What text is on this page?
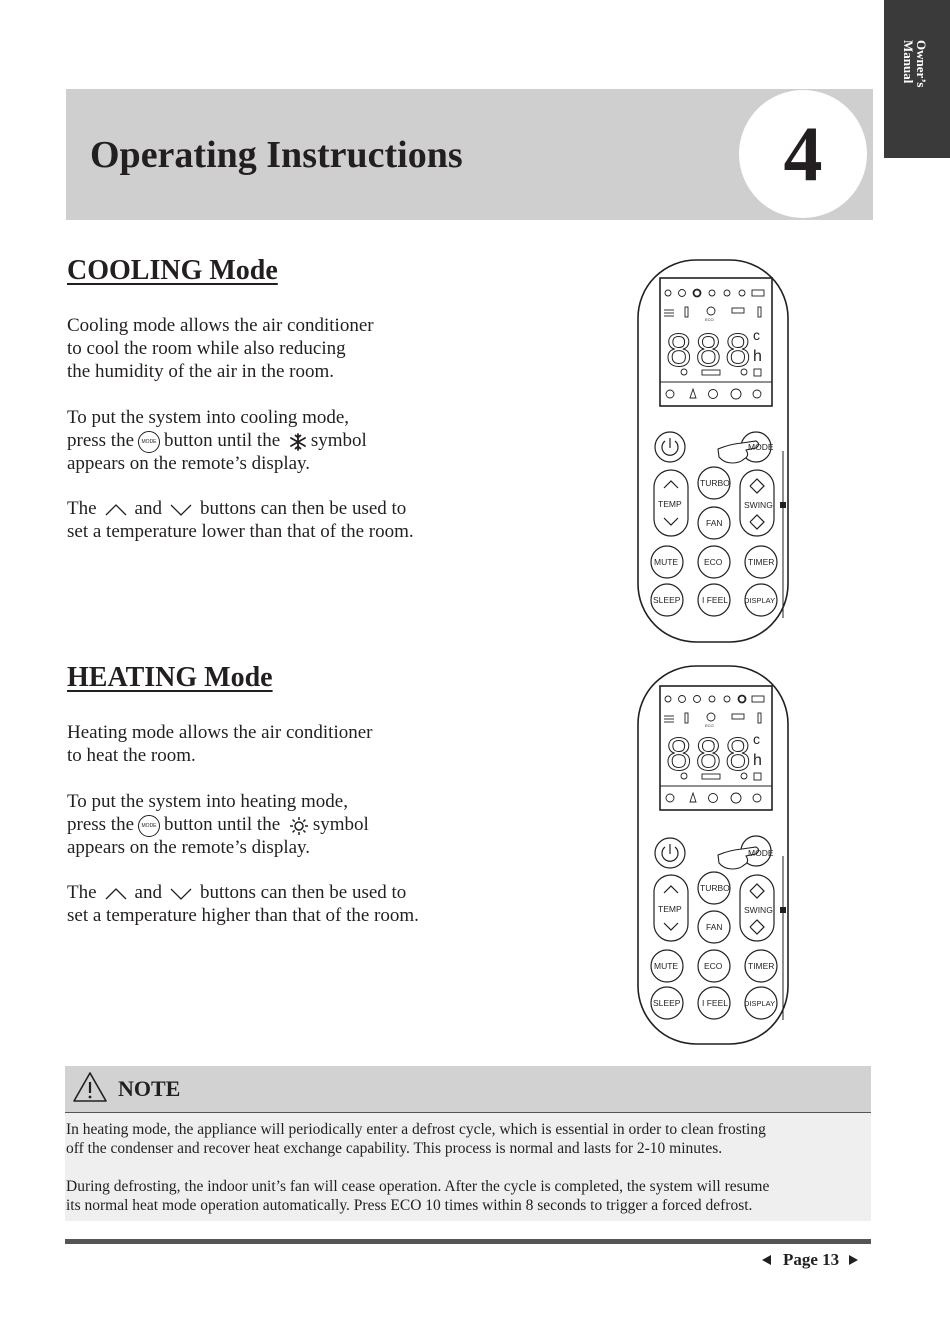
Owner’s
Manual
Operating Instructions	4
COOLING Mode

Cooling mode allows the air conditioner

to cool the room while also reducing

the humidity of the air in the room.

To put the system into cooling mode,

press the MODE button until the symbol

appears on the remote’s display.

The and buttons can then be used to

set a temperature lower than that of the room.

ECO
888
c
h
MODE
TURBO
TEMP	SWING
FAN
MUTE	ECO	TIMER
SLEEP	I FEEL DISPLAY
HEATING Mode

Heating mode allows the air conditioner

to heat the room.

To put the system into heating mode,

press the MODE button until the symbol

appears on the remote’s display.

The and buttons can then be used to

set a temperature higher than that of the room.

ECO
888
c
h
MODE
TURBO
TEMP	SWING
FAN
MUTE	ECO	TIMER
SLEEP	I FEEL DISPLAY
NOTE

In heating mode, the appliance will periodically enter a defrost cycle, which is essential in order to clean frosting

off the condenser and recover heat exchange capability. This process is normal and lasts for 2-10 minutes.

During defrosting, the indoor unit’s fan will cease operation. After the cycle is completed, the system will resume

its normal heat mode operation automatically. Press ECO 10 times within 8 seconds to trigger a forced defrost.

Page 13
